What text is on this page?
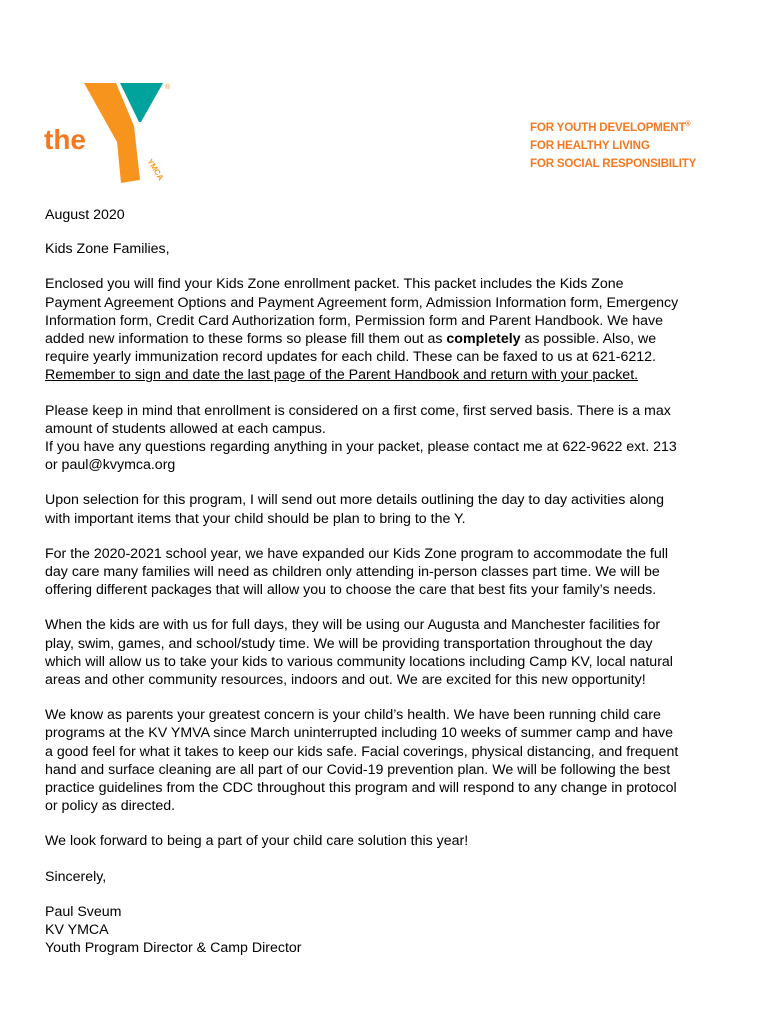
the
YMCA
®
FOR YOUTH DEVELOPMENT®
FOR HEALTHY LIVING
FOR SOCIAL RESPONSIBILITY

August 2020

Kids Zone Families,

Enclosed you will find your Kids Zone enrollment packet. This packet includes the Kids Zone
Payment Agreement Options and Payment Agreement form, Admission Information form, Emergency
Information form, Credit Card Authorization form, Permission form and Parent Handbook. We have
added new information to these forms so please fill them out as completely as possible. Also, we
require yearly immunization record updates for each child. These can be faxed to us at 621-6212.
Remember to sign and date the last page of the Parent Handbook and return with your packet.

Please keep in mind that enrollment is considered on a first come, first served basis. There is a max
amount of students allowed at each campus.
If you have any questions regarding anything in your packet, please contact me at 622-9622 ext. 213
or paul@kvymca.org

Upon selection for this program, I will send out more details outlining the day to day activities along
with important items that your child should be plan to bring to the Y.

For the 2020-2021 school year, we have expanded our Kids Zone program to accommodate the full
day care many families will need as children only attending in-person classes part time. We will be
offering different packages that will allow you to choose the care that best fits your family’s needs.

When the kids are with us for full days, they will be using our Augusta and Manchester facilities for
play, swim, games, and school/study time. We will be providing transportation throughout the day
which will allow us to take your kids to various community locations including Camp KV, local natural
areas and other community resources, indoors and out. We are excited for this new opportunity!

We know as parents your greatest concern is your child’s health. We have been running child care
programs at the KV YMVA since March uninterrupted including 10 weeks of summer camp and have
a good feel for what it takes to keep our kids safe. Facial coverings, physical distancing, and frequent
hand and surface cleaning are all part of our Covid-19 prevention plan. We will be following the best
practice guidelines from the CDC throughout this program and will respond to any change in protocol
or policy as directed.

We look forward to being a part of your child care solution this year!

Sincerely,

Paul Sveum
KV YMCA
Youth Program Director & Camp Director
